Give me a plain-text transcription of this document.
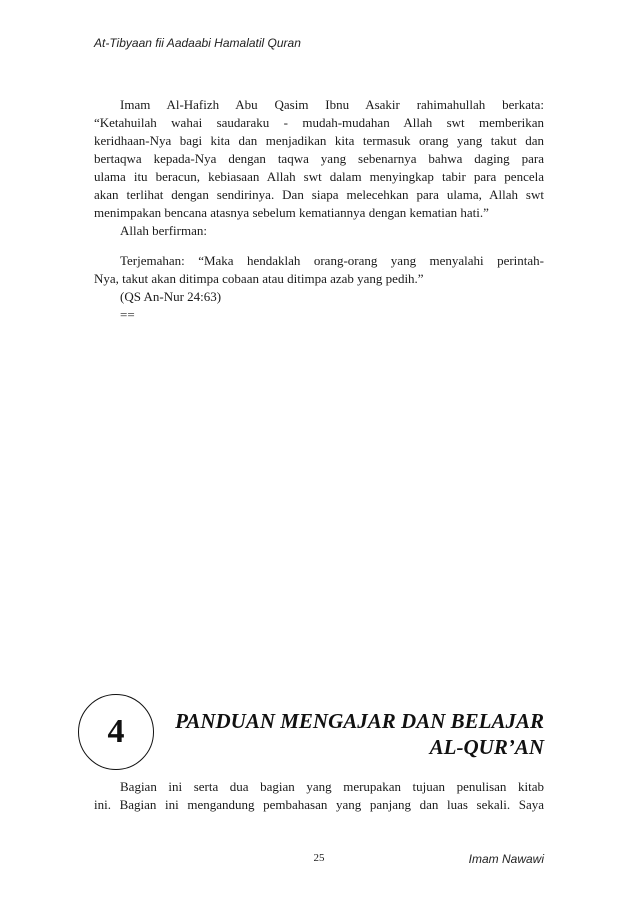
At-Tibyaan fii Aadaabi Hamalatil Quran
Imam Al-Hafizh Abu Qasim Ibnu Asakir rahimahullah berkata:
“Ketahuilah wahai saudaraku - mudah-mudahan Allah swt memberikan
keridhaan-Nya bagi kita dan menjadikan kita termasuk orang yang takut dan
bertaqwa kepada-Nya dengan taqwa yang sebenarnya bahwa daging para
ulama itu beracun, kebiasaan Allah swt dalam menyingkap tabir para pencela
akan terlihat dengan sendirinya. Dan siapa melecehkan para ulama, Allah swt
menimpakan bencana atasnya sebelum kematiannya dengan kematian hati.”
Allah berfirman:
Terjemahan: “Maka hendaklah orang-orang yang menyalahi perintah-
Nya, takut akan ditimpa cobaan atau ditimpa azab yang pedih.”
(QS An-Nur 24:63)
==
PANDUAN MENGAJAR DAN BELAJAR
AL-QUR’AN
4
Bagian ini serta dua bagian yang merupakan tujuan penulisan kitab
ini. Bagian ini mengandung pembahasan yang panjang dan luas sekali. Saya
25	Imam Nawawi
